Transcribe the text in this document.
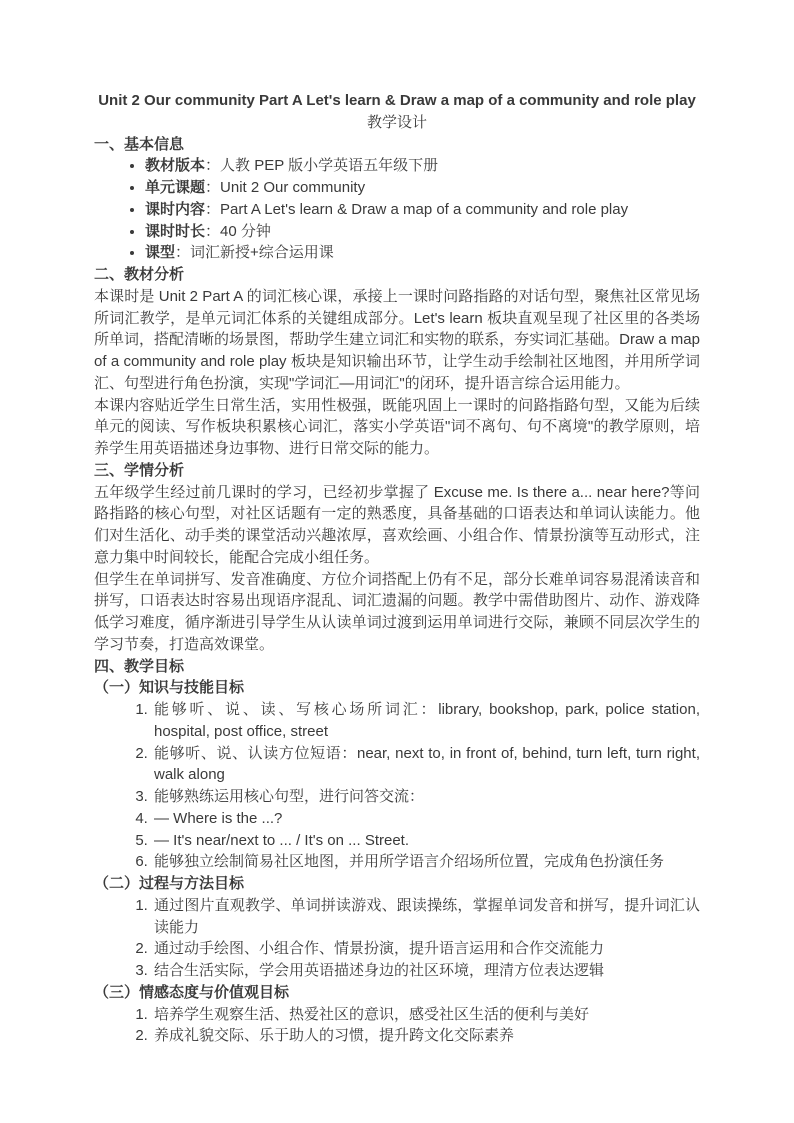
Unit 2 Our community Part A Let's learn & Draw a map of a community and role play

教学设计

一、基本信息

• 教材版本：人教 PEP 版小学英语五年级下册
• 单元课题：Unit 2 Our community
• 课时内容：Part A Let's learn & Draw a map of a community and role play
• 课时时长：40 分钟
• 课型：词汇新授+综合运用课

二、教材分析

本课时是 Unit 2 Part A 的词汇核心课，承接上一课时问路指路的对话句型，聚焦社区常见场所词汇教学，是单元词汇体系的关键组成部分。Let's learn 板块直观呈现了社区里的各类场所单词，搭配清晰的场景图，帮助学生建立词汇和实物的联系，夯实词汇基础。Draw a map of a community and role play 板块是知识输出环节，让学生动手绘制社区地图，并用所学词汇、句型进行角色扮演，实现"学词汇—用词汇"的闭环，提升语言综合运用能力。

本课内容贴近学生日常生活，实用性极强，既能巩固上一课时的问路指路句型，又能为后续单元的阅读、写作板块积累核心词汇，落实小学英语"词不离句、句不离境"的教学原则，培养学生用英语描述身边事物、进行日常交际的能力。

三、学情分析

五年级学生经过前几课时的学习，已经初步掌握了 Excuse me. Is there a... near here?等问路指路的核心句型，对社区话题有一定的熟悉度，具备基础的口语表达和单词认读能力。他们对生活化、动手类的课堂活动兴趣浓厚，喜欢绘画、小组合作、情景扮演等互动形式，注意力集中时间较长，能配合完成小组任务。

但学生在单词拼写、发音准确度、方位介词搭配上仍有不足，部分长难单词容易混淆读音和拼写，口语表达时容易出现语序混乱、词汇遗漏的问题。教学中需借助图片、动作、游戏降低学习难度，循序渐进引导学生从认读单词过渡到运用单词进行交际，兼顾不同层次学生的学习节奏，打造高效课堂。

四、教学目标

（一）知识与技能目标

1. 能够听、说、读、写核心场所词汇：library, bookshop, park, police station, hospital, post office, street
2. 能够听、说、认读方位短语：near, next to, in front of, behind, turn left, turn right, walk along
3. 能够熟练运用核心句型，进行问答交流：
4. — Where is the ...?
5. — It's near/next to ... / It's on ... Street.
6. 能够独立绘制简易社区地图，并用所学语言介绍场所位置，完成角色扮演任务

（二）过程与方法目标

1. 通过图片直观教学、单词拼读游戏、跟读操练，掌握单词发音和拼写，提升词汇认读能力
2. 通过动手绘图、小组合作、情景扮演，提升语言运用和合作交流能力
3. 结合生活实际，学会用英语描述身边的社区环境，理清方位表达逻辑

（三）情感态度与价值观目标

1. 培养学生观察生活、热爱社区的意识，感受社区生活的便利与美好
2. 养成礼貌交际、乐于助人的习惯，提升跨文化交际素养
